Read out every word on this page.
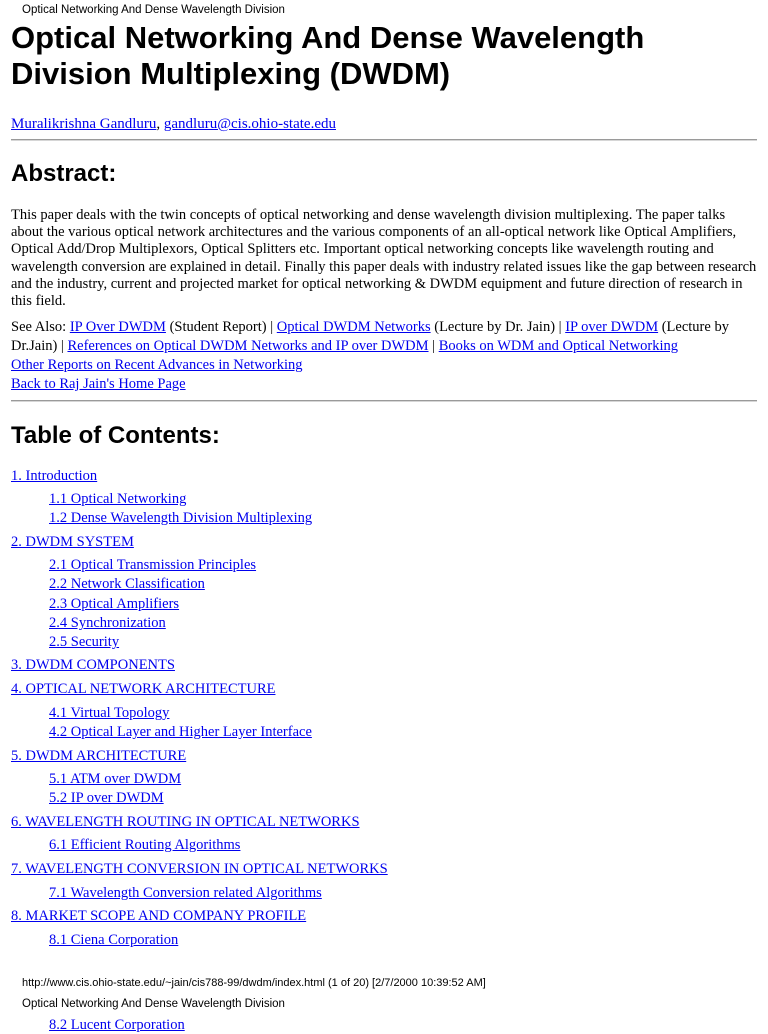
Optical Networking And Dense Wavelength Division
Optical Networking And Dense Wavelength Division Multiplexing (DWDM)
Muralikrishna Gandluru, gandluru@cis.ohio-state.edu
Abstract:

This paper deals with the twin concepts of optical networking and dense wavelength division multiplexing. The paper talks about the various optical network architectures and the various components of an all-optical network like Optical Amplifiers, Optical Add/Drop Multiplexors, Optical Splitters etc. Important optical networking concepts like wavelength routing and wavelength conversion are explained in detail. Finally this paper deals with industry related issues like the gap between research and the industry, current and projected market for optical networking & DWDM equipment and future direction of research in this field.

See Also: IP Over DWDM (Student Report) | Optical DWDM Networks (Lecture by Dr. Jain) | IP over DWDM (Lecture by
Dr.Jain) | References on Optical DWDM Networks and IP over DWDM | Books on WDM and Optical Networking
Other Reports on Recent Advances in Networking
Back to Raj Jain's Home Page
Table of Contents:
1. Introduction
1.1 Optical Networking
1.2 Dense Wavelength Division Multiplexing
2. DWDM SYSTEM
2.1 Optical Transmission Principles
2.2 Network Classification
2.3 Optical Amplifiers
2.4 Synchronization
2.5 Security
3. DWDM COMPONENTS
4. OPTICAL NETWORK ARCHITECTURE
4.1 Virtual Topology
4.2 Optical Layer and Higher Layer Interface
5. DWDM ARCHITECTURE
5.1 ATM over DWDM
5.2 IP over DWDM
6. WAVELENGTH ROUTING IN OPTICAL NETWORKS
6.1 Efficient Routing Algorithms
7. WAVELENGTH CONVERSION IN OPTICAL NETWORKS
7.1 Wavelength Conversion related Algorithms
8. MARKET SCOPE AND COMPANY PROFILE
8.1 Ciena Corporation
http://www.cis.ohio-state.edu/~jain/cis788-99/dwdm/index.html (1 of 20) [2/7/2000 10:39:52 AM]
Optical Networking And Dense Wavelength Division
8.2 Lucent Corporation
